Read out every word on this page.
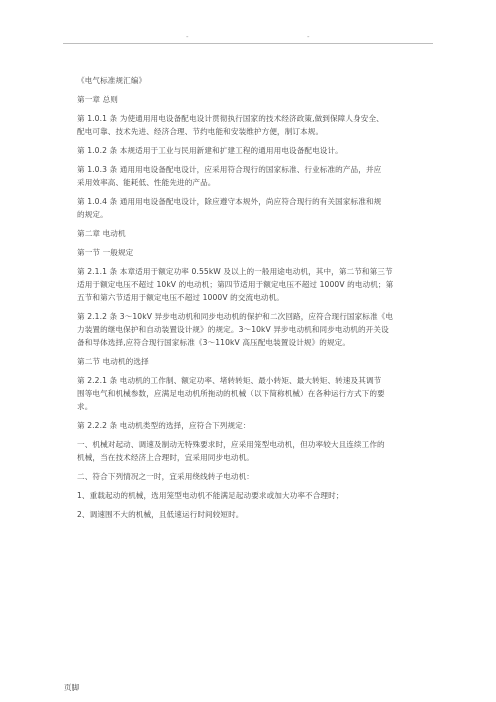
-	-

《电气标准规汇编》

第一章 总则

第 1.0.1 条 为使通用用电设备配电设计贯彻执行国家的技术经济政策,做到保障人身安全、

配电可靠、技术先进、经济合理、节约电能和安装维护方便，制订本规。

第 1.0.2 条 本规适用于工业与民用新建和扩建工程的通用用电设备配电设计。

第 1.0.3 条 通用用电设备配电设计，应采用符合现行的国家标准、行业标准的产品，并应

采用效率高、能耗低、性能先进的产品。

第 1.0.4 条 通用用电设备配电设计，除应遵守本规外，尚应符合现行的有关国家标准和规

的规定。

第二章 电动机

第一节 一般规定

第 2.1.1 条 本章适用于额定功率 0.55kW 及以上的一般用途电动机，其中，第二节和第三节

适用于额定电压不超过 10kV 的电动机；第四节适用于额定电压不超过 1000V 的电动机；第

五节和第六节适用于额定电压不超过 1000V 的交流电动机。

第 2.1.2 条 3～10kV 异步电动机和同步电动机的保护和二次回路，应符合现行国家标准《电

力装置的继电保护和自动装置设计规》的规定。3～10kV 异步电动机和同步电动机的开关设

备和导体选择,应符合现行国家标准《3～110kV 高压配电装置设计规》的规定。

第二节 电动机的选择

第 2.2.1 条 电动机的工作制、额定功率、堵转转矩、最小转矩、最大转矩、转速及其调节

围等电气和机械参数，应满足电动机所拖动的机械（以下简称机械）在各种运行方式下的要

求。

第 2.2.2 条 电动机类型的选择，应符合下列规定：

一、机械对起动、调速及制动无特殊要求时，应采用笼型电动机，但功率较大且连续工作的

机械，当在技术经济上合理时，宜采用同步电动机。

二、符合下列情况之一时，宜采用绕线转子电动机：

1、重载起动的机械，选用笼型电动机不能满足起动要求或加大功率不合理时；

2、调速围不大的机械，且低速运行时间较短时。

页脚
